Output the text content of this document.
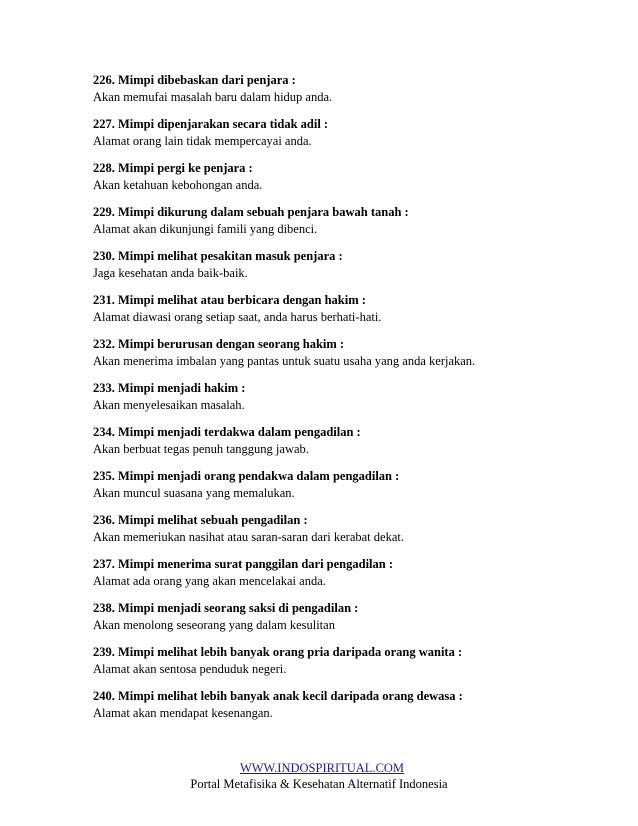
226. Mimpi dibebaskan dari penjara :
Akan memufai masalah baru dalam hidup anda.
227. Mimpi dipenjarakan secara tidak adil :
Alamat orang lain tidak mempercayai anda.
228. Mimpi pergi ke penjara :
Akan ketahuan kebohongan anda.
229. Mimpi dikurung dalam sebuah penjara bawah tanah :
Alamat akan dikunjungi famili yang dibenci.
230. Mimpi melihat pesakitan masuk penjara :
Jaga kesehatan anda baik-baik.
231. Mimpi melihat atau berbicara dengan hakim :
Alamat diawasi orang setiap saat, anda harus berhati-hati.
232. Mimpi berurusan dengan seorang hakim :
Akan menerima imbalan yang pantas untuk suatu usaha yang anda kerjakan.
233. Mimpi menjadi hakim :
Akan menyelesaikan masalah.
234. Mimpi menjadi terdakwa dalam pengadilan :
Akan berbuat tegas penuh tanggung jawab.
235. Mimpi menjadi orang pendakwa dalam pengadilan :
Akan muncul suasana yang memalukan.
236. Mimpi melihat sebuah pengadilan :
Akan memeriukan nasihat atau saran-saran dari kerabat dekat.
237. Mimpi menerima surat panggilan dari pengadilan :
Alamat ada orang yang akan mencelakai anda.
238. Mimpi menjadi seorang saksi di pengadilan :
Akan menolong seseorang yang dalam kesulitan
239. Mimpi melihat lebih banyak orang pria daripada orang wanita :
Alamat akan sentosa penduduk negeri.
240. Mimpi melihat lebih banyak anak kecil daripada orang dewasa :
Alamat akan mendapat kesenangan.
WWW.INDOSPIRITUAL.COM
Portal Metafisika & Kesehatan Alternatif Indonesia
